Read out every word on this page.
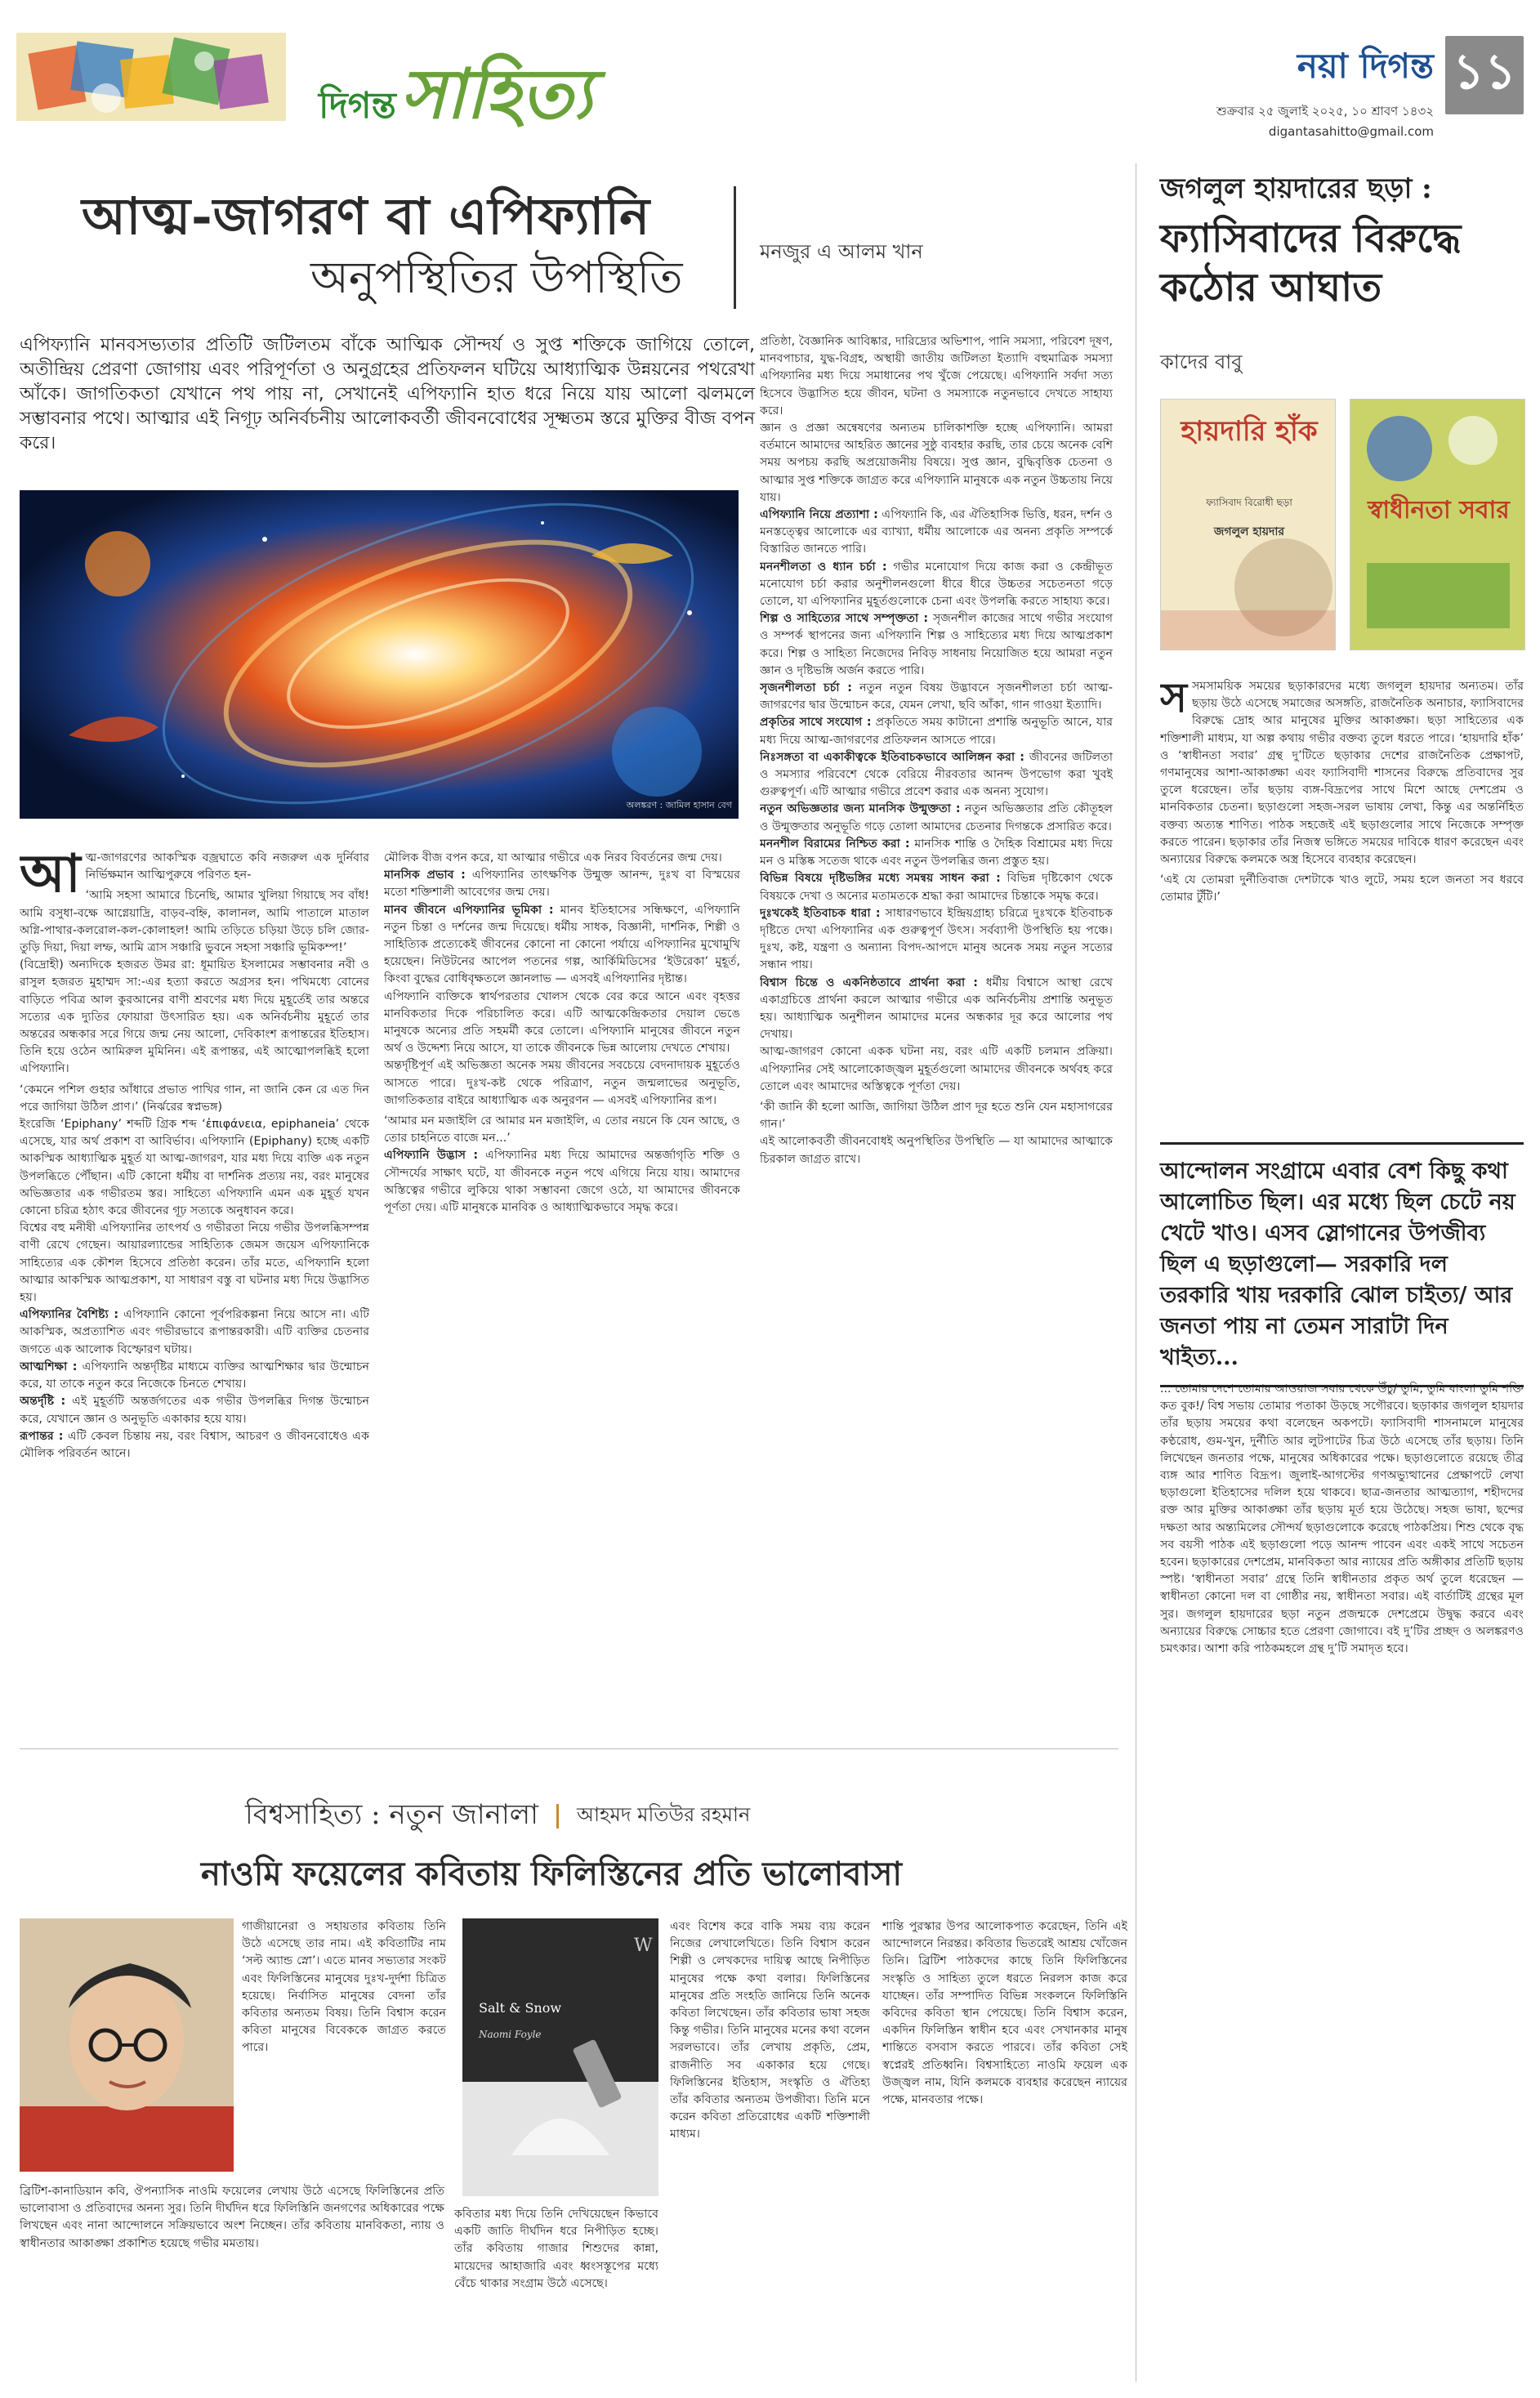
দিগন্ত সাহিত্য	নয়া দিগন্ত
শুক্রবার ২৫ জুলাই ২০২৫, ১০ শ্রাবণ ১৪৩২
digantasahitto@gmail.com
১১
আত্ম-জাগরণ বা এপিফ্যানি
অনুপস্থিতির উপস্থিতি	মনজুর এ আলম খান
এপিফ্যানি মানবসভ্যতার প্রতিটি জটিলতম বাঁকে আত্মিক সৌন্দর্য ও সুপ্ত শক্তিকে জাগিয়ে তোলে, অতীন্দ্রিয় প্রেরণা জোগায় এবং পরিপূর্ণতা ও অনুগ্রহের প্রতিফলন ঘটিয়ে আধ্যাত্মিক উন্নয়নের পথরেখা আঁকে। জাগতিকতা যেখানে পথ পায় না, সেখানেই এপিফ্যানি হাত ধরে নিয়ে যায় আলো ঝলমলে সম্ভাবনার পথে। আত্মার এই নিগূঢ় অনির্বচনীয় আলোকবর্তী জীবনবোধের সূক্ষ্মতম স্তরে মুক্তির বীজ বপন করে।
অলঙ্করণ : জামিল হাসান বেগ

আত্ম-জাগরণের আকস্মিক বজ্রঘাতে কবি নজরুল এক দুর্নিবার নির্ভিক্ষমান আত্মিপুরুষে পরিণত হন-

‘আমি সহসা আমারে চিনেছি, আমার খুলিয়া গিয়াছে সব বাঁধ! আমি বসুধা-বক্ষে আগ্নেয়াদ্রি, বাড়ব-বহ্নি, কালানল, আমি পাতালে মাতাল অগ্নি-পাথার-কলরোল-কল-কোলাহল! আমি তড়িতে চড়িয়া উড়ে চলি জোর-তুড়ি দিয়া, দিয়া লম্ফ, আমি ত্রাস সঞ্চারি ভুবনে সহসা সঞ্চারি ভূমিকম্প!’

(বিদ্রোহী) অন্যদিকে হজরত উমর রা: ধূমায়িত ইসলামের সম্ভাবনার নবী ও রাসুল হজরত মুহাম্মদ সা:-এর হত্যা করতে অগ্রসর হন। পথিমধ্যে বোনের বাড়িতে পবিত্র আল কুরআনের বাণী শ্রবণের মধ্য দিয়ে মুহূর্তেই তার অন্তরে সত্যের এক দ্যুতির ফোয়ারা উৎসারিত হয়। এক অনির্বচনীয় মুহূর্তে তার অন্তরের অন্ধকার সরে গিয়ে জন্ম নেয় আলো, দেবিকাংশ রূপান্তরের ইতিহাস। তিনি হয়ে ওঠেন আমিরুল মুমিনিন। এই রূপান্তর, এই আত্মোপলব্ধিই হলো এপিফ্যানি।

‘কেমনে পশিল গুহার আঁধারে প্রভাত পাখির গান, না জানি কেন রে এত দিন পরে জাগিয়া উঠিল প্রাণ।’ (নির্ঝরের স্বপ্নভঙ্গ)

ইংরেজি ‘Epiphany’ শব্দটি গ্রিক শব্দ ‘ἐπιφάνεια, epiphaneia’ থেকে এসেছে, যার অর্থ প্রকাশ বা আবির্ভাব। এপিফ্যানি (Epiphany) হচ্ছে একটি আকস্মিক আধ্যাত্মিক মুহূর্ত যা আত্ম-জাগরণ, যার মধ্য দিয়ে ব্যক্তি এক নতুন উপলব্ধিতে পৌঁছান। এটি কোনো ধর্মীয় বা দার্শনিক প্রত্যয় নয়, বরং মানুষের অভিজ্ঞতার এক গভীরতম স্তর। সাহিত্যে এপিফ্যানি এমন এক মুহূর্ত যখন কোনো চরিত্র হঠাৎ করে জীবনের গূঢ় সত্যকে অনুধাবন করে।

বিশ্বের বহু মনীষী এপিফ্যানির তাৎপর্য ও গভীরতা নিয়ে গভীর উপলব্ধিসম্পন্ন বাণী রেখে গেছেন। আয়ারল্যান্ডের সাহিত্যিক জেমস জয়েস এপিফ্যানিকে সাহিত্যের এক কৌশল হিসেবে প্রতিষ্ঠা করেন। তাঁর মতে, এপিফ্যানি হলো আত্মার আকস্মিক আত্মপ্রকাশ, যা সাধারণ বস্তু বা ঘটনার মধ্য দিয়ে উদ্ভাসিত হয়।

এপিফ্যানির বৈশিষ্ট্য : এপিফ্যানি কোনো পূর্বপরিকল্পনা নিয়ে আসে না। এটি আকস্মিক, অপ্রত্যাশিত এবং গভীরভাবে রূপান্তরকারী। এটি ব্যক্তির চেতনার জগতে এক আলোক বিস্ফোরণ ঘটায়।

আত্মশিক্ষা : এপিফ্যানি অন্তর্দৃষ্টির মাধ্যমে ব্যক্তির আত্মশিক্ষার দ্বার উন্মোচন করে, যা তাকে নতুন করে নিজেকে চিনতে শেখায়।

অন্তর্দৃষ্টি : এই মুহূর্তটি অন্তর্জগতের এক গভীর উপলব্ধির দিগন্ত উন্মোচন করে, যেখানে জ্ঞান ও অনুভূতি একাকার হয়ে যায়।

রূপান্তর : এটি কেবল চিন্তায় নয়, বরং বিশ্বাস, আচরণ ও জীবনবোধেও এক মৌলিক পরিবর্তন আনে।

মৌলিক বীজ বপন করে, যা আত্মার গভীরে এক নিরব বিবর্তনের জন্ম দেয়।

মানসিক প্রভাব : এপিফ্যানির তাৎক্ষণিক উন্মুক্ত আনন্দ, দুঃখ বা বিস্ময়ের মতো শক্তিশালী আবেগের জন্ম দেয়।

মানব জীবনে এপিফ্যানির ভূমিকা : মানব ইতিহাসের সন্ধিক্ষণে, এপিফ্যানি নতুন চিন্তা ও দর্শনের জন্ম দিয়েছে। ধর্মীয় সাধক, বিজ্ঞানী, দার্শনিক, শিল্পী ও সাহিত্যিক প্রত্যেকেই জীবনের কোনো না কোনো পর্যায়ে এপিফ্যানির মুখোমুখি হয়েছেন। নিউটনের আপেল পতনের গল্প, আর্কিমিডিসের ‘ইউরেকা’ মুহূর্ত, কিংবা বুদ্ধের বোধিবৃক্ষতলে জ্ঞানলাভ — এসবই এপিফ্যানির দৃষ্টান্ত।

এপিফ্যানি ব্যক্তিকে স্বার্থপরতার খোলস থেকে বের করে আনে এবং বৃহত্তর মানবিকতার দিকে পরিচালিত করে। এটি আত্মকেন্দ্রিকতার দেয়াল ভেঙে মানুষকে অন্যের প্রতি সহমর্মী করে তোলে। এপিফ্যানি মানুষের জীবনে নতুন অর্থ ও উদ্দেশ্য নিয়ে আসে, যা তাকে জীবনকে ভিন্ন আলোয় দেখতে শেখায়।

অন্তর্দৃষ্টিপূর্ণ এই অভিজ্ঞতা অনেক সময় জীবনের সবচেয়ে বেদনাদায়ক মুহূর্তেও আসতে পারে। দুঃখ-কষ্ট থেকে পরিত্রাণ, নতুন জন্মলাভের অনুভূতি, জাগতিকতার বাইরে আধ্যাত্মিক এক অনুরণন — এসবই এপিফ্যানির রূপ।

‘আমার মন মজাইলি রে আমার মন মজাইলি, এ তোর নয়নে কি যেন আছে, ও তোর চাহনিতে বাজে মন...’

এপিফ্যানি উদ্ভাস : এপিফ্যানির মধ্য দিয়ে আমাদের অন্তর্জাগৃতি শক্তি ও সৌন্দর্যের সাক্ষাৎ ঘটে, যা জীবনকে নতুন পথে এগিয়ে নিয়ে যায়। আমাদের অস্তিত্বের গভীরে লুকিয়ে থাকা সম্ভাবনা জেগে ওঠে, যা আমাদের জীবনকে পূর্ণতা দেয়। এটি মানুষকে মানবিক ও আধ্যাত্মিকভাবে সমৃদ্ধ করে।

প্রতিষ্ঠা, বৈজ্ঞানিক আবিষ্কার, দারিদ্র্যের অভিশাপ, পানি সমস্যা, পরিবেশ দূষণ, মানবপাচার, যুদ্ধ-বিগ্রহ, অস্থায়ী জাতীয় জটিলতা ইত্যাদি বহুমাত্রিক সমস্যা এপিফ্যানির মধ্য দিয়ে সমাধানের পথ খুঁজে পেয়েছে। এপিফ্যানি সর্বদা সত্য হিসেবে উদ্ভাসিত হয়ে জীবন, ঘটনা ও সমস্যাকে নতুনভাবে দেখতে সাহায্য করে।

জ্ঞান ও প্রজ্ঞা অন্বেষণের অন্যতম চালিকাশক্তি হচ্ছে এপিফ্যানি। আমরা বর্তমানে আমাদের আহরিত জ্ঞানের সুষ্ঠু ব্যবহার করছি, তার চেয়ে অনেক বেশি সময় অপচয় করছি অপ্রয়োজনীয় বিষয়ে। সুপ্ত জ্ঞান, বুদ্ধিবৃত্তিক চেতনা ও আত্মার সুপ্ত শক্তিকে জাগ্রত করে এপিফ্যানি মানুষকে এক নতুন উচ্চতায় নিয়ে যায়।

এপিফ্যানি নিয়ে প্রত্যাশা : এপিফ্যানি কি, এর ঐতিহাসিক ভিত্তি, ধরন, দর্শন ও মনস্তত্ত্বের আলোকে এর ব্যাখ্যা, ধর্মীয় আলোকে এর অনন্য প্রকৃতি সম্পর্কে বিস্তারিত জানতে পারি।

মননশীলতা ও ধ্যান চর্চা : গভীর মনোযোগ দিয়ে কাজ করা ও কেন্দ্রীভূত মনোযোগ চর্চা করার অনুশীলনগুলো ধীরে ধীরে উচ্চতর সচেতনতা গড়ে তোলে, যা এপিফ্যানির মুহূর্তগুলোকে চেনা এবং উপলব্ধি করতে সাহায্য করে।

শিল্প ও সাহিত্যের সাথে সম্পৃক্ততা : সৃজনশীল কাজের সাথে গভীর সংযোগ ও সম্পর্ক স্থাপনের জন্য এপিফ্যানি শিল্প ও সাহিত্যের মধ্য দিয়ে আত্মপ্রকাশ করে। শিল্প ও সাহিত্য নিজেদের নিবিড় সাধনায় নিয়োজিত হয়ে আমরা নতুন জ্ঞান ও দৃষ্টিভঙ্গি অর্জন করতে পারি।

সৃজনশীলতা চর্চা : নতুন নতুন বিষয় উদ্ভাবনে সৃজনশীলতা চর্চা আত্ম-জাগরণের দ্বার উন্মোচন করে, যেমন লেখা, ছবি আঁকা, গান গাওয়া ইত্যাদি।

প্রকৃতির সাথে সংযোগ : প্রকৃতিতে সময় কাটানো প্রশান্তি অনুভূতি আনে, যার মধ্য দিয়ে আত্ম-জাগরণের প্রতিফলন আসতে পারে।

নিঃসঙ্গতা বা একাকীত্বকে ইতিবাচকভাবে আলিঙ্গন করা : জীবনের জটিলতা ও সমস্যার পরিবেশে থেকে বেরিয়ে নীরবতার আনন্দ উপভোগ করা খুবই গুরুত্বপূর্ণ। এটি আত্মার গভীরে প্রবেশ করার এক অনন্য সুযোগ।

নতুন অভিজ্ঞতার জন্য মানসিক উন্মুক্ততা : নতুন অভিজ্ঞতার প্রতি কৌতূহল ও উন্মুক্ততার অনুভূতি গড়ে তোলা আমাদের চেতনার দিগন্তকে প্রসারিত করে।

মননশীল বিরামের নিশ্চিত করা : মানসিক শান্তি ও দৈহিক বিশ্রামের মধ্য দিয়ে মন ও মস্তিষ্ক সতেজ থাকে এবং নতুন উপলব্ধির জন্য প্রস্তুত হয়।

বিভিন্ন বিষয়ে দৃষ্টিভঙ্গির মধ্যে সমন্বয় সাধন করা : বিভিন্ন দৃষ্টিকোণ থেকে বিষয়কে দেখা ও অন্যের মতামতকে শ্রদ্ধা করা আমাদের চিন্তাকে সমৃদ্ধ করে।

দুঃখকেই ইতিবাচক ধারা : সাধারণভাবে ইন্দ্রিয়গ্রাহ্য চরিত্রে দুঃখকে ইতিবাচক দৃষ্টিতে দেখা এপিফ্যানির এক গুরুত্বপূর্ণ উৎস। সর্বব্যাপী উপস্থিতি হয় পঞ্চে। দুঃখ, কষ্ট, যন্ত্রণা ও অন্যান্য বিপদ-আপদে মানুষ অনেক সময় নতুন সত্যের সন্ধান পায়।

বিশ্বাস চিন্তে ও একনিষ্ঠতাবে প্রার্থনা করা : ধর্মীয় বিশ্বাসে আস্থা রেখে একাগ্রচিত্তে প্রার্থনা করলে আত্মার গভীরে এক অনির্বচনীয় প্রশান্তি অনুভূত হয়। আধ্যাত্মিক অনুশীলন আমাদের মনের অন্ধকার দূর করে আলোর পথ দেখায়।

আত্ম-জাগরণ কোনো একক ঘটনা নয়, বরং এটি একটি চলমান প্রক্রিয়া। এপিফ্যানির সেই আলোকোজ্জ্বল মুহূর্তগুলো আমাদের জীবনকে অর্থবহ করে তোলে এবং আমাদের অস্তিত্বকে পূর্ণতা দেয়।

‘কী জানি কী হলো আজি, জাগিয়া উঠিল প্রাণ দূর হতে শুনি যেন মহাসাগরের গান।’

এই আলোকবর্তী জীবনবোধই অনুপস্থিতির উপস্থিতি — যা আমাদের আত্মাকে চিরকাল জাগ্রত রাখে।

জগলুল হায়দারের ছড়া :
ফ্যাসিবাদের বিরুদ্ধে কঠোর আঘাত
কাদের বাবু
হায়দারি হাঁক
ফ্যাসিবাদ বিরোধী ছড়া
জগলুল হায়দার
স্বাধীনতা সবার

সসমসাময়িক সময়ের ছড়াকারদের মধ্যে জগলুল হায়দার অন্যতম। তাঁর ছড়ায় উঠে এসেছে সমাজের অসঙ্গতি, রাজনৈতিক অনাচার, ফ্যাসিবাদের বিরুদ্ধে দ্রোহ আর মানুষের মুক্তির আকাঙ্ক্ষা। ছড়া সাহিত্যের এক শক্তিশালী মাধ্যম, যা অল্প কথায় গভীর বক্তব্য তুলে ধরতে পারে। ‘হায়দারি হাঁক’ ও ‘স্বাধীনতা সবার’ গ্রন্থ দু’টিতে ছড়াকার দেশের রাজনৈতিক প্রেক্ষাপট, গণমানুষের আশা-আকাঙ্ক্ষা এবং ফ্যাসিবাদী শাসনের বিরুদ্ধে প্রতিবাদের সুর তুলে ধরেছেন। তাঁর ছড়ায় ব্যঙ্গ-বিদ্রূপের সাথে মিশে আছে দেশপ্রেম ও মানবিকতার চেতনা। ছড়াগুলো সহজ-সরল ভাষায় লেখা, কিন্তু এর অন্তর্নিহিত বক্তব্য অত্যন্ত শাণিত। পাঠক সহজেই এই ছড়াগুলোর সাথে নিজেকে সম্পৃক্ত করতে পারেন। ছড়াকার তাঁর নিজস্ব ভঙ্গিতে সময়ের দাবিকে ধারণ করেছেন এবং অন্যায়ের বিরুদ্ধে কলমকে অস্ত্র হিসেবে ব্যবহার করেছেন।

‘এই যে তোমরা দুর্নীতিবাজ দেশটাকে খাও লুটে, সময় হলে জনতা সব ধরবে তোমার টুঁটি।’

আন্দোলন সংগ্রামে এবার বেশ কিছু কথা আলোচিত ছিল। এর মধ্যে ছিল চেটে নয় খেটে খাও। এসব স্লোগানের উপজীব্য ছিল এ ছড়াগুলো— সরকারি দল তরকারি খায় দরকারি ঝোল চাইত্য/ আর জনতা পায় না তেমন সারাটা দিন খাইত্য...

... তোমার দেশে তোমার আওয়াজ সবার থেকে উঁচু/ তুমি, তুমি বাংলা তুমি শক্তি কত বুক!/ বিশ্ব সভায় তোমার পতাকা উড়ছে সগৌরবে। ছড়াকার জগলুল হায়দার তাঁর ছড়ায় সময়ের কথা বলেছেন অকপটে। ফ্যাসিবাদী শাসনামলে মানুষের কণ্ঠরোধ, গুম-খুন, দুর্নীতি আর লুটপাটের চিত্র উঠে এসেছে তাঁর ছড়ায়। তিনি লিখেছেন জনতার পক্ষে, মানুষের অধিকারের পক্ষে। ছড়াগুলোতে রয়েছে তীব্র ব্যঙ্গ আর শাণিত বিদ্রূপ। জুলাই-আগস্টের গণঅভ্যুত্থানের প্রেক্ষাপটে লেখা ছড়াগুলো ইতিহাসের দলিল হয়ে থাকবে। ছাত্র-জনতার আত্মত্যাগ, শহীদদের রক্ত আর মুক্তির আকাঙ্ক্ষা তাঁর ছড়ায় মূর্ত হয়ে উঠেছে। সহজ ভাষা, ছন্দের দক্ষতা আর অন্ত্যমিলের সৌন্দর্য ছড়াগুলোকে করেছে পাঠকপ্রিয়। শিশু থেকে বৃদ্ধ সব বয়সী পাঠক এই ছড়াগুলো পড়ে আনন্দ পাবেন এবং একই সাথে সচেতন হবেন। ছড়াকারের দেশপ্রেম, মানবিকতা আর ন্যায়ের প্রতি অঙ্গীকার প্রতিটি ছড়ায় স্পষ্ট। ‘স্বাধীনতা সবার’ গ্রন্থে তিনি স্বাধীনতার প্রকৃত অর্থ তুলে ধরেছেন — স্বাধীনতা কোনো দল বা গোষ্ঠীর নয়, স্বাধীনতা সবার। এই বার্তাটিই গ্রন্থের মূল সুর। জগলুল হায়দারের ছড়া নতুন প্রজন্মকে দেশপ্রেমে উদ্বুদ্ধ করবে এবং অন্যায়ের বিরুদ্ধে সোচ্চার হতে প্রেরণা জোগাবে। বই দু’টির প্রচ্ছদ ও অলঙ্করণও চমৎকার। আশা করি পাঠকমহলে গ্রন্থ দু’টি সমাদৃত হবে।

বিশ্বসাহিত্য : নতুন জানালা আহমদ মতিউর রহমান
নাওমি ফয়েলের কবিতায় ফিলিস্তিনের প্রতি ভালোবাসা
ব্রিটিশ-কানাডিয়ান কবি, ঔপন্যাসিক নাওমি ফয়েলের লেখায় উঠে এসেছে ফিলিস্তিনের প্রতি ভালোবাসা ও প্রতিবাদের অনন্য সুর। তিনি দীর্ঘদিন ধরে ফিলিস্তিনি জনগণের অধিকারের পক্ষে লিখছেন এবং নানা আন্দোলনে সক্রিয়ভাবে অংশ নিচ্ছেন। তাঁর কবিতায় মানবিকতা, ন্যায় ও স্বাধীনতার আকাঙ্ক্ষা প্রকাশিত হয়েছে গভীর মমতায়।
গাজীয়ানেরা ও সহায়তার কবিতায় তিনি উঠে এসেছে তার নাম। এই কবিতাটির নাম ‘সল্ট অ্যান্ড স্নো’। এতে মানব সভ্যতার সংকট এবং ফিলিস্তিনের মানুষের দুঃখ-দুর্দশা চিত্রিত হয়েছে। নির্বাসিত মানুষের বেদনা তাঁর কবিতার অন্যতম বিষয়। তিনি বিশ্বাস করেন কবিতা মানুষের বিবেককে জাগ্রত করতে পারে।
W
Salt & Snow
Naomi Foyle
কবিতার মধ্য দিয়ে তিনি দেখিয়েছেন কিভাবে একটি জাতি দীর্ঘদিন ধরে নিপীড়িত হচ্ছে। তাঁর কবিতায় গাজার শিশুদের কান্না, মায়েদের আহাজারি এবং ধ্বংসস্তূপের মধ্যে বেঁচে থাকার সংগ্রাম উঠে এসেছে।
এবং বিশেষ করে বাকি সময় ব্যয় করেন নিজের লেখালেখিতে। তিনি বিশ্বাস করেন শিল্পী ও লেখকদের দায়িত্ব আছে নিপীড়িত মানুষের পক্ষে কথা বলার। ফিলিস্তিনের মানুষের প্রতি সংহতি জানিয়ে তিনি অনেক কবিতা লিখেছেন। তাঁর কবিতার ভাষা সহজ কিন্তু গভীর। তিনি মানুষের মনের কথা বলেন সরলভাবে। তাঁর লেখায় প্রকৃতি, প্রেম, রাজনীতি সব একাকার হয়ে গেছে। ফিলিস্তিনের ইতিহাস, সংস্কৃতি ও ঐতিহ্য তাঁর কবিতার অন্যতম উপজীব্য। তিনি মনে করেন কবিতা প্রতিরোধের একটি শক্তিশালী মাধ্যম।
শান্তি পুরস্কার উপর আলোকপাত করেছেন, তিনি এই আন্দোলনে নিরন্তর। কবিতার ভিতরেই আশ্রয় খোঁজেন তিনি। ব্রিটিশ পাঠকদের কাছে তিনি ফিলিস্তিনের সংস্কৃতি ও সাহিত্য তুলে ধরতে নিরলস কাজ করে যাচ্ছেন। তাঁর সম্পাদিত বিভিন্ন সংকলনে ফিলিস্তিনি কবিদের কবিতা স্থান পেয়েছে। তিনি বিশ্বাস করেন, একদিন ফিলিস্তিন স্বাধীন হবে এবং সেখানকার মানুষ শান্তিতে বসবাস করতে পারবে। তাঁর কবিতা সেই স্বপ্নেরই প্রতিধ্বনি। বিশ্বসাহিত্যে নাওমি ফয়েল এক উজ্জ্বল নাম, যিনি কলমকে ব্যবহার করেছেন ন্যায়ের পক্ষে, মানবতার পক্ষে।
